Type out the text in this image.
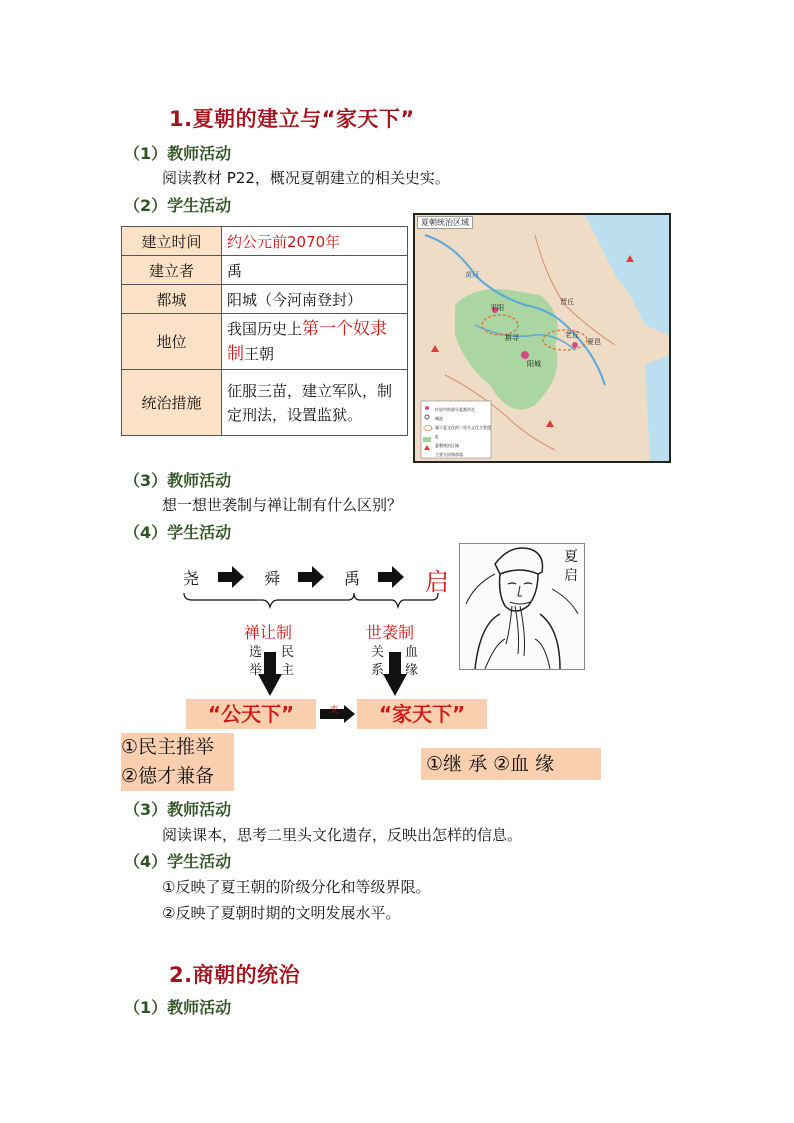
1.夏朝的建立与“家天下”
（1）教师活动
阅读教材 P22，概况夏朝建立的相关史实。
（2）学生活动
建立时间	约公元前2070年
建立者	禹
都城	阳城（今河南登封）
地位	我国历史上第一个奴隶制王朝
统治措施	征服三苗，建立军队，制定刑法，设置监狱。
夏朝统治区域
平阳
晋丘
老丘
斟寻
阳城
夏邑
黄河
传说中的部分夏都所在
城池
属于夏文化的二里头文化主要遗址
夏朝统治区域
主要方国和部落
（3）教师活动
想一想世袭制与禅让制有什么区别？
（4）学生活动
尧	舜	禹	启
禅让制	世袭制
选举
民主
关系
血缘
“公天下”	“家天下”
变
①民主推举
②德才兼备
①继 承 ②血 缘
夏启
（3）教师活动
阅读课本，思考二里头文化遗存，反映出怎样的信息。
（4）学生活动
①反映了夏王朝的阶级分化和等级界限。
②反映了夏朝时期的文明发展水平。
2.商朝的统治
（1）教师活动
